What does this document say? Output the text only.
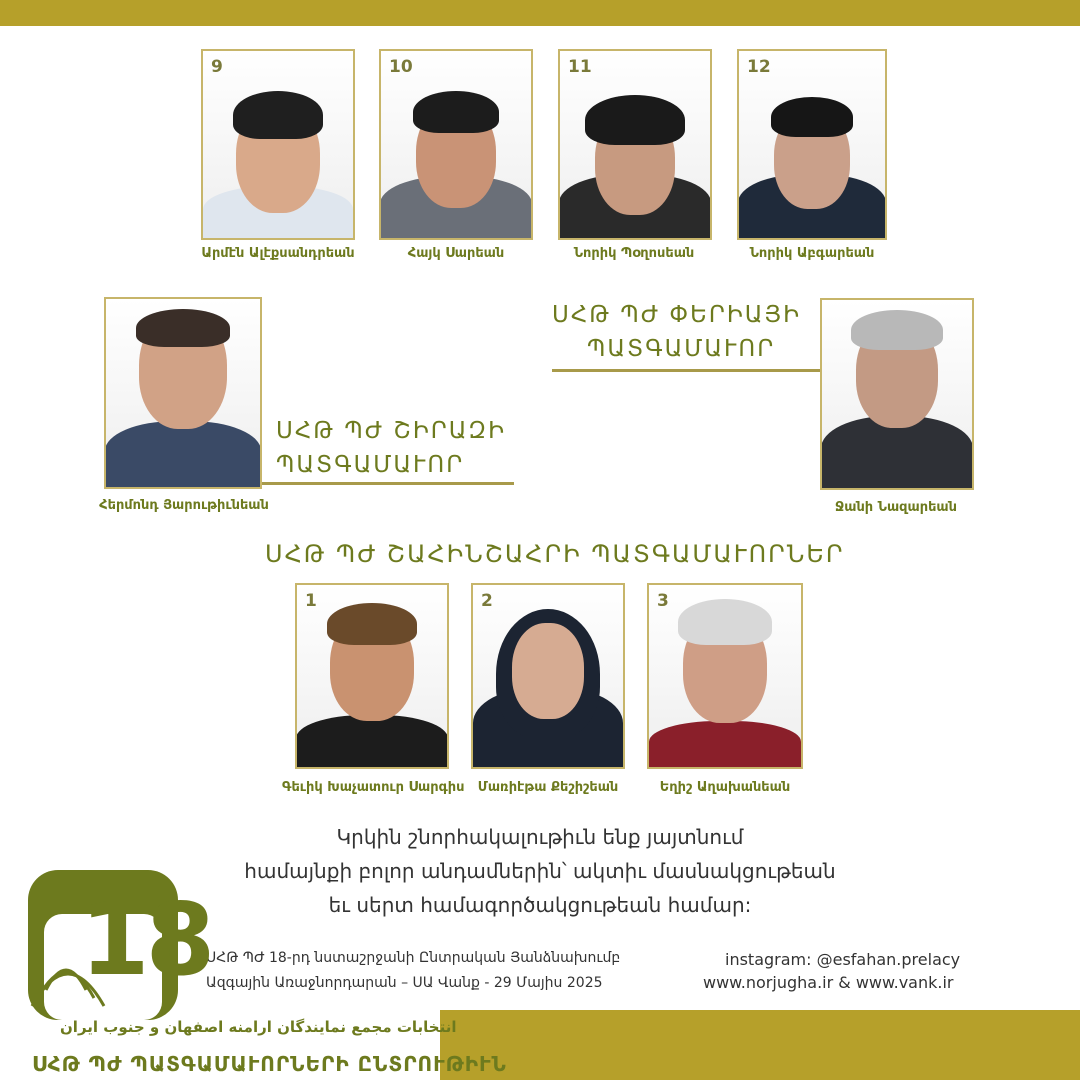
9
Արմէն Ալէքսանդրեան
10
Հայկ Սարեան
11
Նորիկ Պօղոսեան
12
Նորիկ Աբգարեան
Հերմոնդ Յարութիւնեան
ՍՀԹ ՊԺ ՇԻՐԱԶԻ
ՊԱՏԳԱՄԱՒՈՐ
ՍՀԹ ՊԺ ՓԵՐԻԱՅԻ
ՊԱՏԳԱՄԱՒՈՐ
Ջանի Նազարեան
ՍՀԹ ՊԺ ՇԱՀԻՆՇԱՀՐԻ ՊԱՏԳԱՄԱՒՈՐՆԵՐ
1
Գեւիկ Խաչատուր Սարգիս
2
Մառիէթա Քեշիշեան
3
Եղիշ Աղախանեան
Կրկին շնորհակալութիւն ենք յայտնում
համայնքի բոլոր անդամներին՝ ակտիւ մասնակցութեան
եւ սերտ համագործակցութեան համար:
ՍՀԹ ՊԺ 18-րդ նստաշրջանի Ընտրական Յանձնախումբ
Ազգային Առաջնորդարան – ՍԱ Վանք - 29 Մայիս 2025
instagram: @esfahan.prelacy
www.norjugha.ir & www.vank.ir
18
انتخابات مجمع نمایندگان ارامنه اصفهان و جنوب ایران
ՍՀԹ ՊԺ ՊԱՏԳԱՄԱՒՈՐՆԵՐԻ ԸՆՏՐՈՒԹԻՒՆ
